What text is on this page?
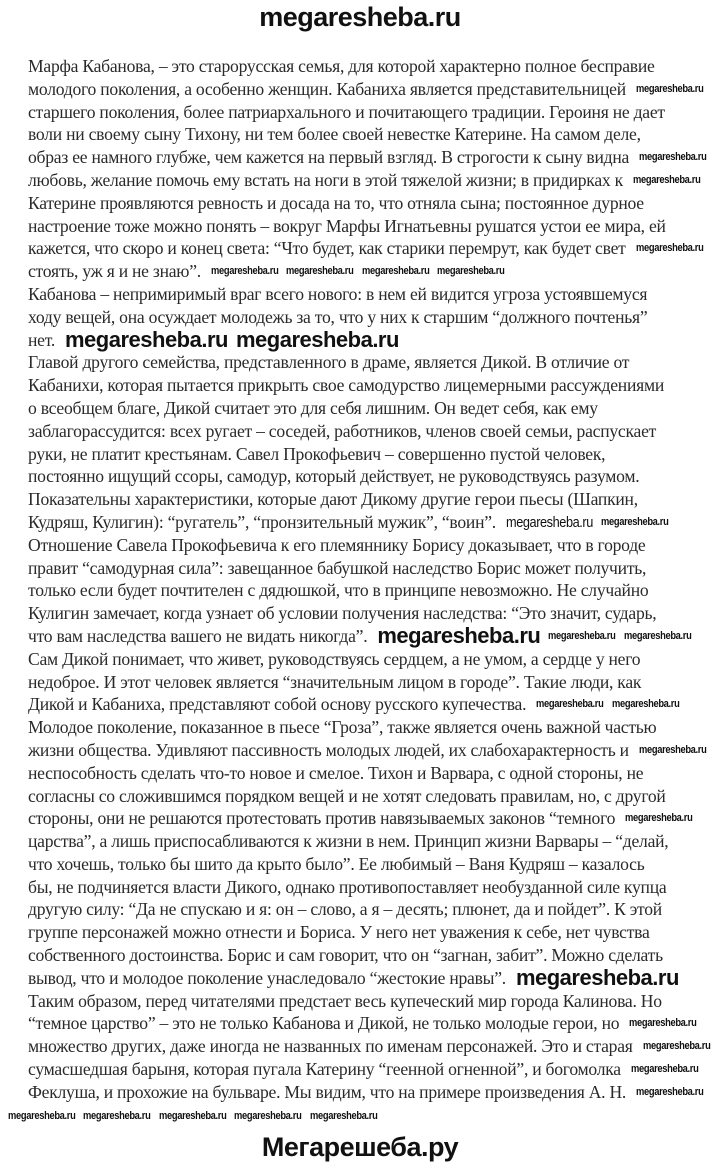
megaresheba.ru
Марфа Кабанова, – это старорусская семья, для которой характерно полное бесправие
молодого поколения, а особенно женщин. Кабаниха является представительницей
старшего поколения, более патриархального и почитающего традиции. Героиня не дает
воли ни своему сыну Тихону, ни тем более своей невестке Катерине. На самом деле,
образ ее намного глубже, чем кажется на первый взгляд. В строгости к сыну видна
любовь, желание помочь ему встать на ноги в этой тяжелой жизни; в придирках к
Катерине проявляются ревность и досада на то, что отняла сына; постоянное дурное
настроение тоже можно понять – вокруг Марфы Игнатьевны рушатся устои ее мира, ей
кажется, что скоро и конец света: “Что будет, как старики перемрут, как будет свет
стоять, уж я и не знаю”.
Кабанова – непримиримый враг всего нового: в нем ей видится угроза устоявшемуся
ходу вещей, она осуждает молодежь за то, что у них к старшим “должного почтенья”
нет.
Главой другого семейства, представленного в драме, является Дикой. В отличие от
Кабанихи, которая пытается прикрыть свое самодурство лицемерными рассуждениями
о всеобщем благе, Дикой считает это для себя лишним. Он ведет себя, как ему
заблагорассудится: всех ругает – соседей, работников, членов своей семьи, распускает
руки, не платит крестьянам. Савел Прокофьевич – совершенно пустой человек,
постоянно ищущий ссоры, самодур, который действует, не руководствуясь разумом.
Показательны характеристики, которые дают Дикому другие герои пьесы (Шапкин,
Кудряш, Кулигин): “ругатель”, “пронзительный мужик”, “воин”.
Отношение Савела Прокофьевича к его племяннику Борису доказывает, что в городе
правит “самодурная сила”: завещанное бабушкой наследство Борис может получить,
только если будет почтителен с дядюшкой, что в принципе невозможно. Не случайно
Кулигин замечает, когда узнает об условии получения наследства: “Это значит, сударь,
что вам наследства вашего не видать никогда”.
Сам Дикой понимает, что живет, руководствуясь сердцем, а не умом, а сердце у него
недоброе. И этот человек является “значительным лицом в городе”. Такие люди, как
Дикой и Кабаниха, представляют собой основу русского купечества.
Молодое поколение, показанное в пьесе “Гроза”, также является очень важной частью
жизни общества. Удивляют пассивность молодых людей, их слабохарактерность и
неспособность сделать что-то новое и смелое. Тихон и Варвара, с одной стороны, не
согласны со сложившимся порядком вещей и не хотят следовать правилам, но, с другой
стороны, они не решаются протестовать против навязываемых законов “темного
царства”, а лишь приспосабливаются к жизни в нем. Принцип жизни Варвары – “делай,
что хочешь, только бы шито да крыто было”. Ее любимый – Ваня Кудряш – казалось
бы, не подчиняется власти Дикого, однако противопоставляет необузданной силе купца
другую силу: “Да не спускаю и я: он – слово, а я – десять; плюнет, да и пойдет”. К этой
группе персонажей можно отнести и Бориса. У него нет уважения к себе, нет чувства
собственного достоинства. Борис и сам говорит, что он “загнан, забит”. Можно сделать
вывод, что и молодое поколение унаследовало “жестокие нравы”.
Таким образом, перед читателями предстает весь купеческий мир города Калинова. Но
“темное царство” – это не только Кабанова и Дикой, не только молодые герои, но
множество других, даже иногда не названных по именам персонажей. Это и старая
сумасшедшая барыня, которая пугала Катерину “геенной огненной”, и богомолка
Феклуша, и прохожие на бульваре. Мы видим, что на примере произведения А. Н.
megaresheba.ru
megaresheba.ru
megaresheba.ru
megaresheba.ru
megaresheba.ru megaresheba.ru megaresheba.ru megaresheba.ru
megaresheba.ru
megaresheba.ru
megaresheba.ru
megaresheba.ru
megaresheba.ru megaresheba.ru
megaresheba.ru
megaresheba.ru
megaresheba.ru
megaresheba.ru
megaresheba.ru
megaresheba.ru
megaresheba.ru
megaresheba.ru
megaresheba.ru
megaresheba.ru
megaresheba.ru
megaresheba.ru megaresheba.ru megaresheba.ru megaresheba.ru
Мегарешеба.ру
